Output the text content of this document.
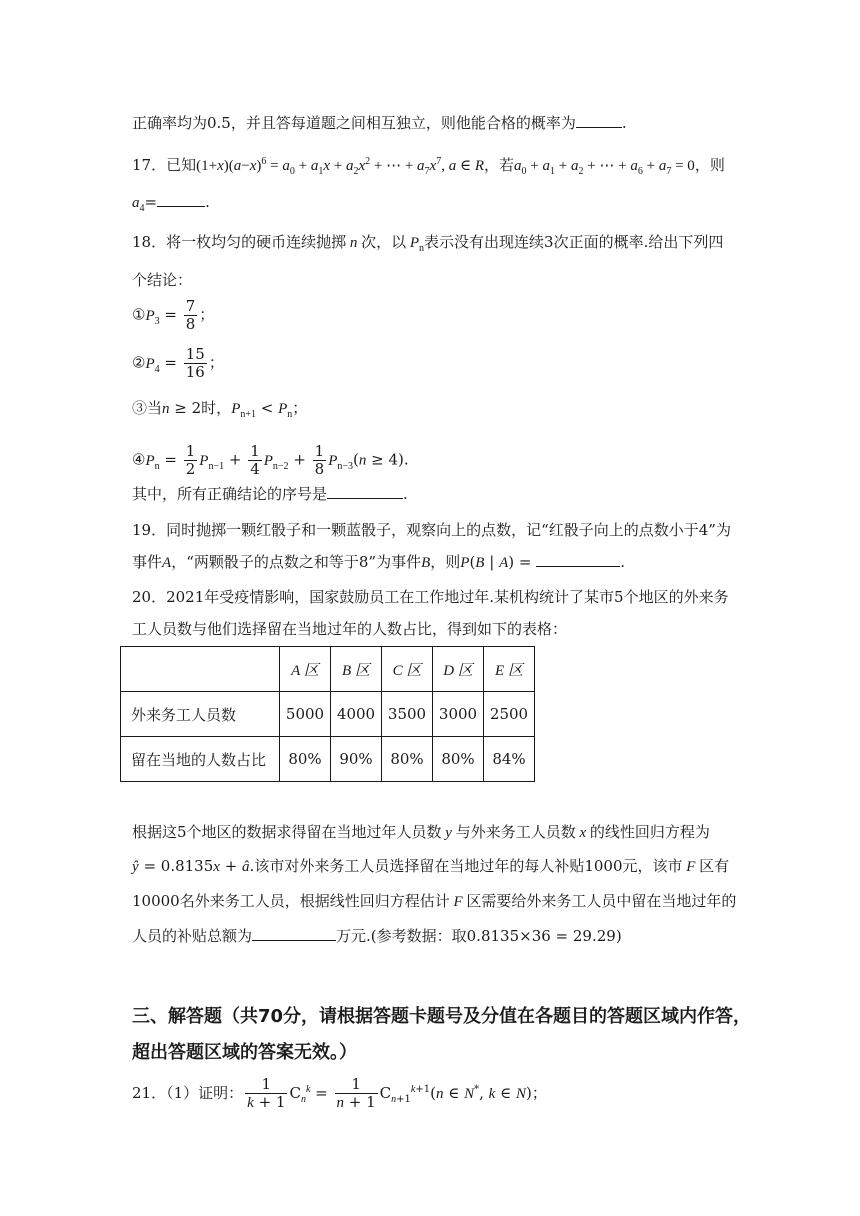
正确率均为0.5，并且答每道题之间相互独立，则他能合格的概率为	.
17．已知$(1+x)(a-x)^6 = a_0 + a_1x + a_2x^2$ + ⋯ + $a_7x^7$, a ∈ R，若$a_0 + a_1 + a_2$ + ⋯ + $a_6 + a_7 = 0$，则
$a_4=$	.
18．将一枚均匀的硬币连续抛掷 n 次，以 $P_n$表示没有出现连续3次正面的概率.给出下列四
个结论：
$①P_3 = \frac{7}{8}$ ；
$②P_4 = \frac{15}{16}$ ；
③当n ≥ 2时，$P_{n+1} < P_n$；
$④P_n = \frac{1}{2} P_{n-1} + \frac{1}{4} P_{n-2} + \frac{1}{8} P_{n-3}(n \ge 4)$.
其中，所有正确结论的序号是	.
19．同时抛掷一颗红骰子和一颗蓝骰子，观察向上的点数，记“红骰子向上的点数小于4”为
事件A，“两颗骰子的点数之和等于8”为事件B，则P(B | A) =	.
20．2021年受疫情影响，国家鼓励员工在工作地过年.某机构统计了某市5个地区的外来务
工人员数与他们选择留在当地过年的人数占比，得到如下的表格：
	A 区	B 区	C 区	D 区	E 区
外来务工人员数	5000	4000	3500	3000	2500
留在当地的人数占比	80%	90%	80%	80%	84%
根据这5个地区的数据求得留在当地过年人员数 y 与外来务工人员数 x 的线性回归方程为
ŷ = 0.8135x + â.该市对外来务工人员选择留在当地过年的每人补贴1000元，该市 F 区有
10000名外来务工人员，根据线性回归方程估计 F 区需要给外来务工人员中留在当地过年的
人员的补贴总额为	万元.(参考数据：取0.8135×36 = 29.29)
三、解答题（共70分，请根据答题卡题号及分值在各题目的答题区域内作答，
超出答题区域的答案无效。）
21．（1）证明： $\frac{1}{k + 1} C_n^k = \frac{1}{n + 1} C_{n+1}^{k+1}(n$ ∈ N*, k ∈ N)；
